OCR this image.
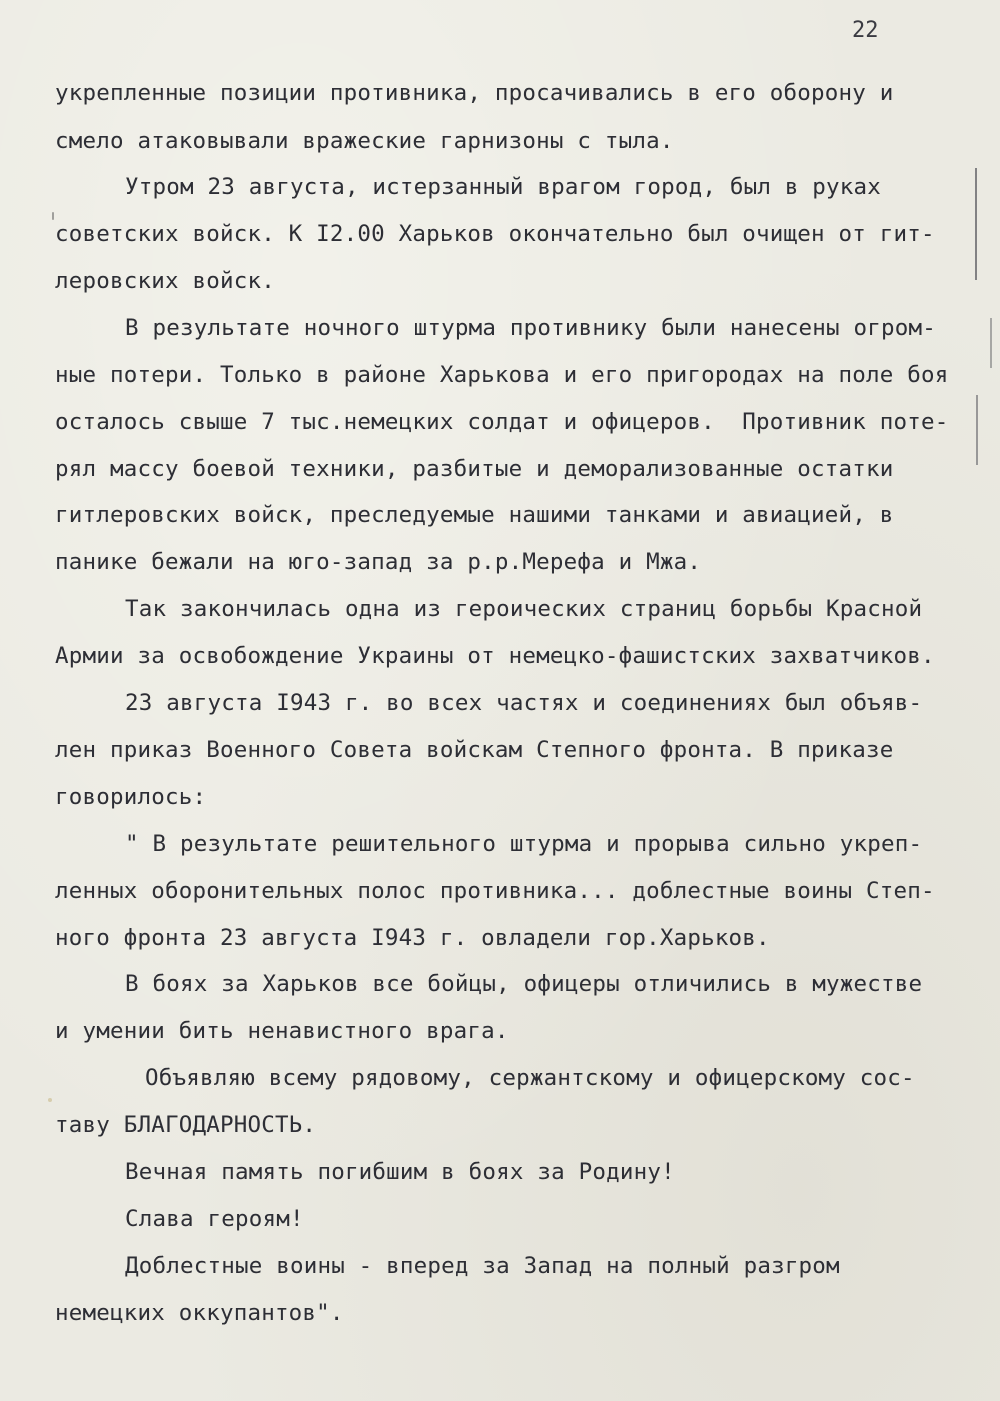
22
укрепленные позиции противника, просачивались в его оборону и
смело атаковывали вражеские гарнизоны с тыла.
Утром 23 августа, истерзанный врагом город, был в руках
советских войск. К I2.00 Харьков окончательно был очищен от гит-
леровских войск.
В результате ночного штурма противнику были нанесены огром-
ные потери. Только в районе Харькова и его пригородах на поле боя
осталось свыше 7 тыс.немецких солдат и офицеров.  Противник поте-
рял массу боевой техники, разбитые и деморализованные остатки
гитлеровских войск, преследуемые нашими танками и авиацией, в
панике бежали на юго-запад за р.р.Мерефа и Мжа.
Так закончилась одна из героических страниц борьбы Красной
Армии за освобождение Украины от немецко-фашистских захватчиков.
23 августа I943 г. во всех частях и соединениях был объяв-
лен приказ Военного Совета войскам Степного фронта. В приказе
говорилось:
" В результате решительного штурма и прорыва сильно укреп-
ленных оборонительных полос противника... доблестные воины Степ-
ного фронта 23 августа I943 г. овладели гор.Харьков.
В боях за Харьков все бойцы, офицеры отличились в мужестве
и умении бить ненавистного врага.
Объявляю всему рядовому, сержантскому и офицерскому сос-
таву БЛАГОДАРНОСТЬ.
Вечная память погибшим в боях за Родину!
Слава героям!
Доблестные воины - вперед за Запад на полный разгром
немецких оккупантов".
